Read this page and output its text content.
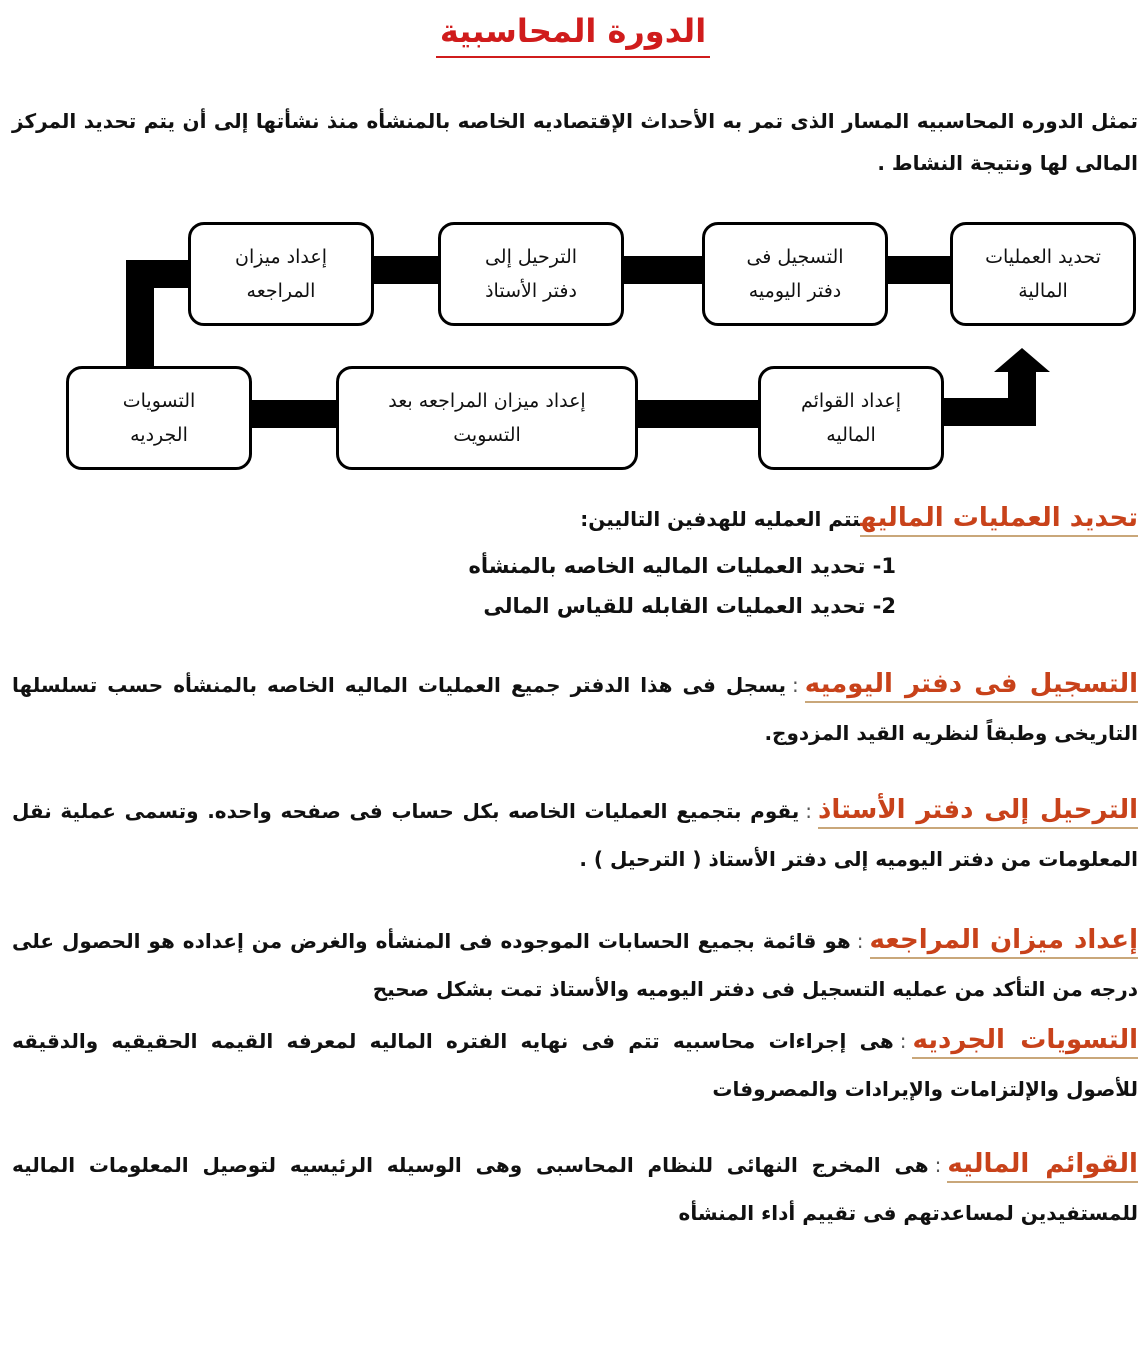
الدورة المحاسبية
تمثل الدوره المحاسبيه المسار الذى تمر به الأحداث الإقتصاديه الخاصه بالمنشأه منذ نشأتها إلى أن يتم تحديد المركز المالى لها ونتيجة النشاط .
تحديد العمليات
المالية
التسجيل فى
دفتر اليوميه
الترحيل إلى
دفتر الأستاذ
إعداد ميزان
المراجعه
التسويات
الجرديه
إعداد ميزان المراجعه بعد
التسويت
إعداد القوائم
الماليه
تحديد العمليات الماليهتتم العمليه للهدفين التاليين:
1- تحديد العمليات الماليه الخاصه بالمنشأه
2- تحديد العمليات القابله للقياس المالى
التسجيل فى دفتر اليوميه:يسجل فى هذا الدفتر جميع العمليات الماليه الخاصه بالمنشأه حسب تسلسلها التاريخى وطبقاً لنظريه القيد المزدوج.
الترحيل إلى دفتر الأستاذ:يقوم بتجميع العمليات الخاصه بكل حساب فى صفحه واحده. وتسمى عملية نقل المعلومات من دفتر اليوميه إلى دفتر الأستاذ ( الترحيل ) .
إعداد ميزان المراجعه:هو قائمة بجميع الحسابات الموجوده فى المنشأه والغرض من إعداده هو الحصول على درجه من التأكد من عمليه التسجيل فى دفتر اليوميه والأستاذ تمت بشكل صحيح
التسويات الجرديه:هى إجراءات محاسبيه تتم فى نهايه الفتره الماليه لمعرفه القيمه الحقيقيه والدقيقه للأصول والإلتزامات والإيرادات والمصروفات
القوائم الماليه:هى المخرج النهائى للنظام المحاسبى وهى الوسيله الرئيسيه لتوصيل المعلومات الماليه للمستفيدين لمساعدتهم فى تقييم أداء المنشأه
